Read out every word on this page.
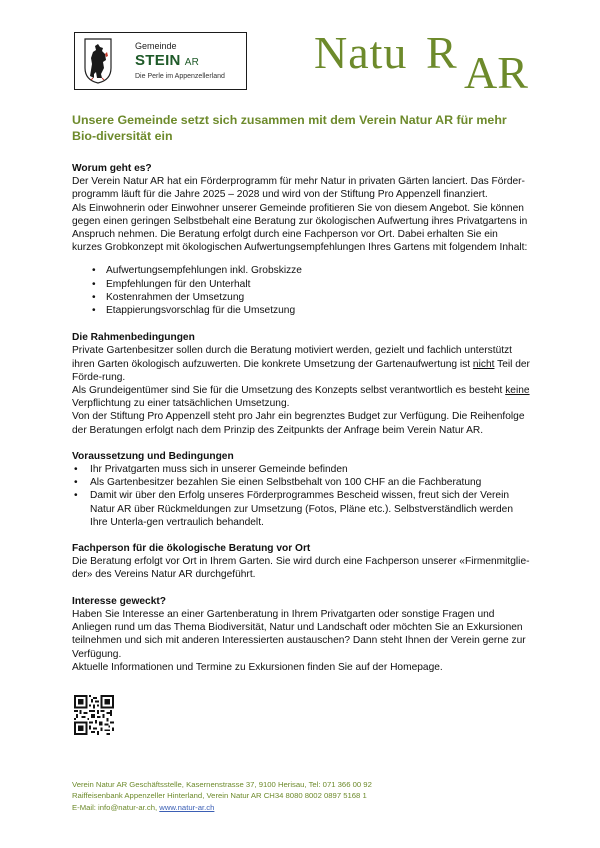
Gemeinde
STEIN AR
Die Perle im Appenzellerland Natu R AR
Unsere Gemeinde setzt sich zusammen mit dem Verein Natur AR für mehr Bio-diversität ein
Worum geht es?

Der Verein Natur AR hat ein Förderprogramm für mehr Natur in privaten Gärten lanciert. Das Förder-programm läuft für die Jahre 2025 – 2028 und wird von der Stiftung Pro Appenzell finanziert.

Als Einwohnerin oder Einwohner unserer Gemeinde profitieren Sie von diesem Angebot. Sie können gegen einen geringen Selbstbehalt eine Beratung zur ökologischen Aufwertung ihres Privatgartens in Anspruch nehmen. Die Beratung erfolgt durch eine Fachperson vor Ort. Dabei erhalten Sie ein kurzes Grobkonzept mit ökologischen Aufwertungsempfehlungen Ihres Gartens mit folgendem Inhalt:

• Aufwertungsempfehlungen inkl. Grobskizze
• Empfehlungen für den Unterhalt
• Kostenrahmen der Umsetzung
• Etappierungsvorschlag für die Umsetzung
Die Rahmenbedingungen

Private Gartenbesitzer sollen durch die Beratung motiviert werden, gezielt und fachlich unterstützt ihren Garten ökologisch aufzuwerten. Die konkrete Umsetzung der Gartenaufwertung ist nicht Teil der Förde-rung.

Als Grundeigentümer sind Sie für die Umsetzung des Konzepts selbst verantwortlich es besteht keine Verpflichtung zu einer tatsächlichen Umsetzung.

Von der Stiftung Pro Appenzell steht pro Jahr ein begrenztes Budget zur Verfügung. Die Reihenfolge der Beratungen erfolgt nach dem Prinzip des Zeitpunkts der Anfrage beim Verein Natur AR.

Voraussetzung und Bedingungen
• Ihr Privatgarten muss sich in unserer Gemeinde befinden
• Als Gartenbesitzer bezahlen Sie einen Selbstbehalt von 100 CHF an die Fachberatung
• Damit wir über den Erfolg unseres Förderprogrammes Bescheid wissen, freut sich der Verein Natur AR über Rückmeldungen zur Umsetzung (Fotos, Pläne etc.). Selbstverständlich werden Ihre Unterla-gen vertraulich behandelt.
Fachperson für die ökologische Beratung vor Ort

Die Beratung erfolgt vor Ort in Ihrem Garten. Sie wird durch eine Fachperson unserer «Firmenmitglie-der» des Vereins Natur AR durchgeführt.

Interesse geweckt?

Haben Sie Interesse an einer Gartenberatung in Ihrem Privatgarten oder sonstige Fragen und Anliegen rund um das Thema Biodiversität, Natur und Landschaft oder möchten Sie an Exkursionen teilnehmen und sich mit anderen Interessierten austauschen? Dann steht Ihnen der Verein gerne zur Verfügung.

Aktuelle Informationen und Termine zu Exkursionen finden Sie auf der Homepage.

Verein Natur AR Geschäftsstelle, Kasernenstrasse 37, 9100 Herisau, Tel: 071 366 00 92
Raiffeisenbank Appenzeller Hinterland, Verein Natur AR CH34 8080 8002 0897 5168 1
E-Mail: info@natur-ar.ch, www.natur-ar.ch
